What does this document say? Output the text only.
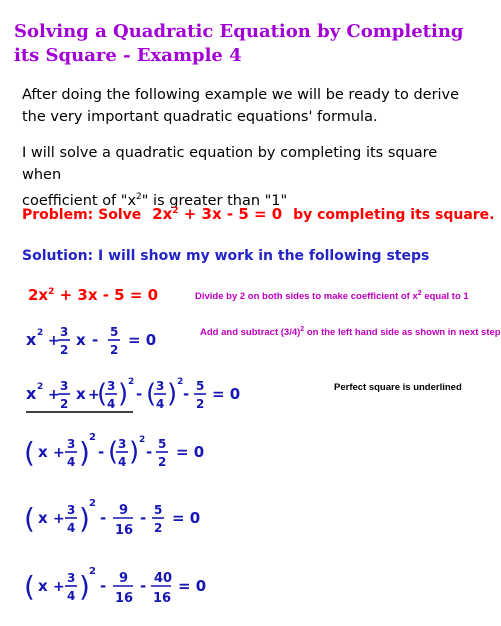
Solving a Quadratic Equation by Completing its Square - Example 4
After doing the following example we will be ready to derive the very important quadratic equations' formula.
I will solve a quadratic equation by completing its square when
coefficient of "$x^2$" is greater than "1"
Problem: Solve $2x^2 + 3x - 5 = 0$ by completing its square.
Solution: I will show my work in the following steps
$2x^2 + 3x - 5 = 0$	Divide by 2 on both sides to make coefficient of $x^2$ equal to 1
x 2 +
3
2
x - 5
2
= 0	Add and subtract $(3/4)^2$ on the left hand side as shown in next step
x 2 +
3
2
x +
( 3
4 ) 2
- ( 3
4 ) 2
- 5
2
= 0	Perfect square is underlined
( x +
3
4 ) 2
- ( 3
4 ) 2
- 5
2
= 0
( x +
3
4 ) 2
- 9
16
- 5
2
= 0
( x +
3
4 ) 2
- 9
16
- 40
16
= 0
